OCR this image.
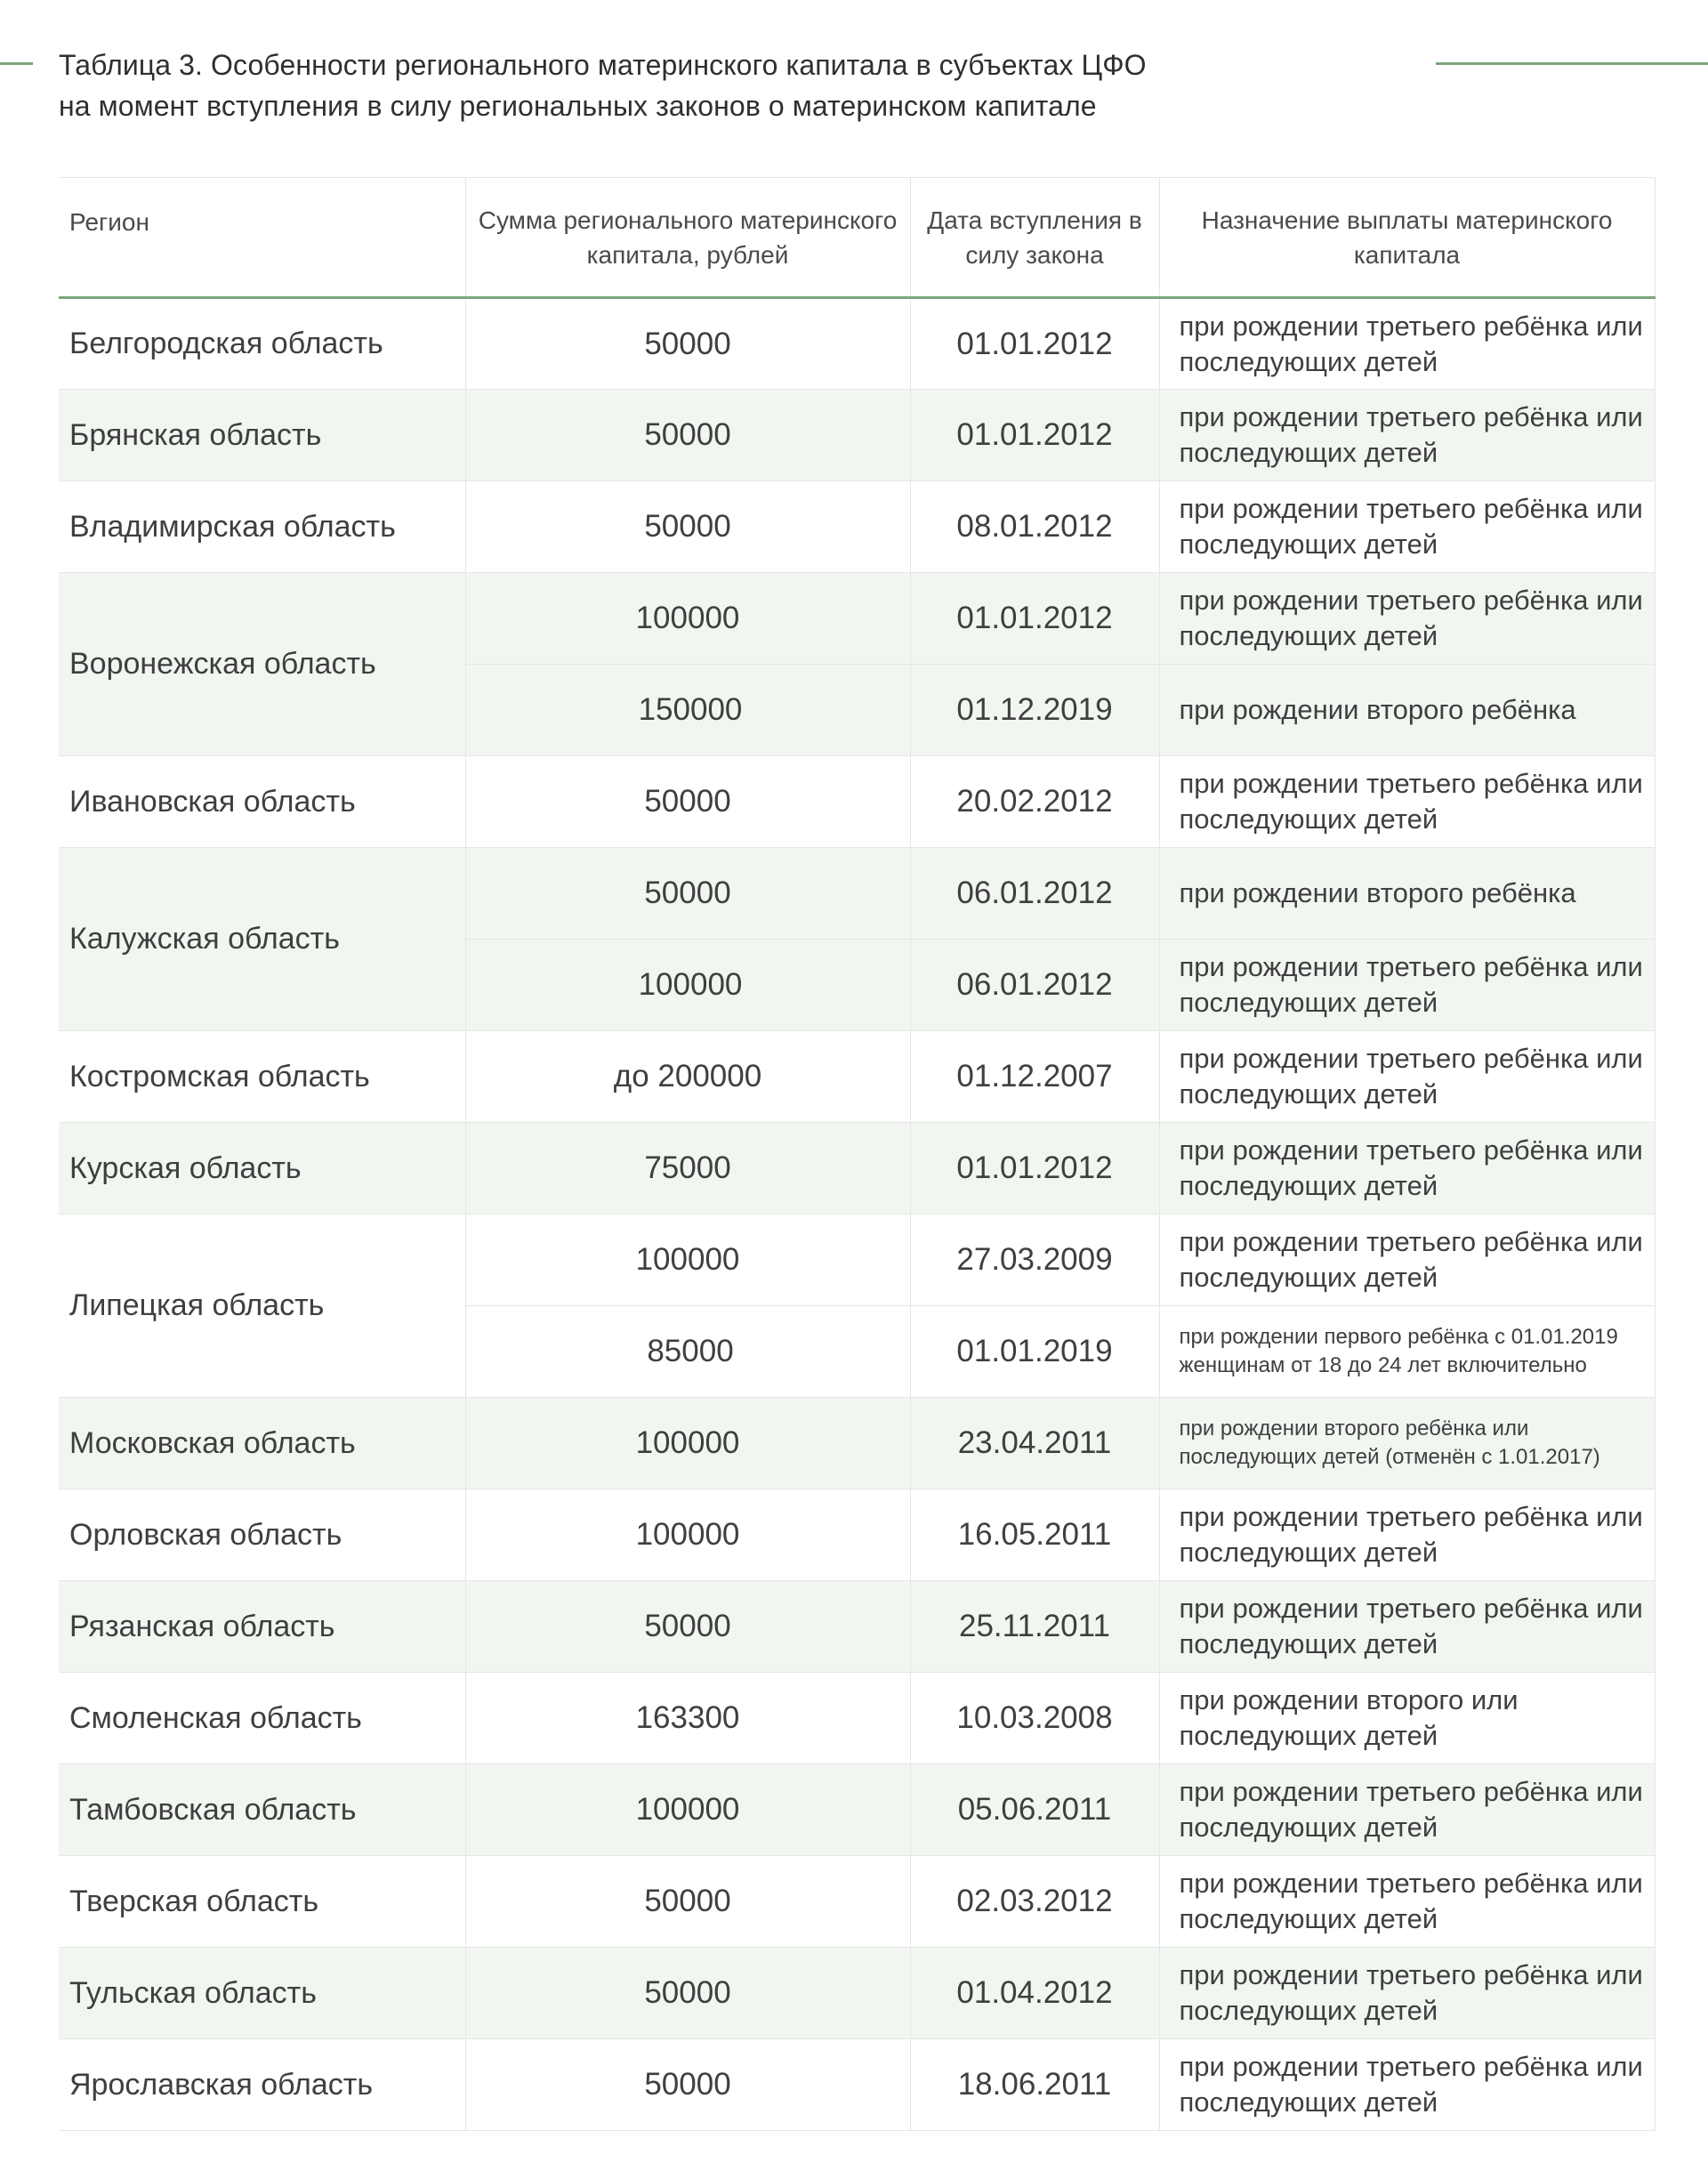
Таблица 3. Особенности регионального материнского капитала в субъектах ЦФО
на момент вступления в силу региональных законов о материнском капитале
Регион	Сумма регионального материнского капитала, рублей	Дата вступления в силу закона	Назначение выплаты материнского капитала
Белгородская область	50000	01.01.2012	при рождении третьего ребёнка или последующих детей
Брянская область	50000	01.01.2012	при рождении третьего ребёнка или последующих детей
Владимирская область	50000	08.01.2012	при рождении третьего ребёнка или последующих детей
Воронежская область	100000	01.01.2012	при рождении третьего ребёнка или последующих детей
	150000	01.12.2019	при рождении второго ребёнка
Ивановская область	50000	20.02.2012	при рождении третьего ребёнка или последующих детей
Калужская область	50000	06.01.2012	при рождении второго ребёнка
	100000	06.01.2012	при рождении третьего ребёнка или последующих детей
Костромская область	до 200000	01.12.2007	при рождении третьего ребёнка или последующих детей
Курская область	75000	01.01.2012	при рождении третьего ребёнка или последующих детей
Липецкая область	100000	27.03.2009	при рождении третьего ребёнка или последующих детей
	85000	01.01.2019	при рождении первого ребёнка с 01.01.2019 женщинам от 18 до 24 лет включительно
Московская область	100000	23.04.2011	при рождении второго ребёнка или последующих детей (отменён с 1.01.2017)
Орловская область	100000	16.05.2011	при рождении третьего ребёнка или последующих детей
Рязанская область	50000	25.11.2011	при рождении третьего ребёнка или последующих детей
Смоленская область	163300	10.03.2008	при рождении второго или последующих детей
Тамбовская область	100000	05.06.2011	при рождении третьего ребёнка или последующих детей
Тверская область	50000	02.03.2012	при рождении третьего ребёнка или последующих детей
Тульская область	50000	01.04.2012	при рождении третьего ребёнка или последующих детей
Ярославская область	50000	18.06.2011	при рождении третьего ребёнка или последующих детей
